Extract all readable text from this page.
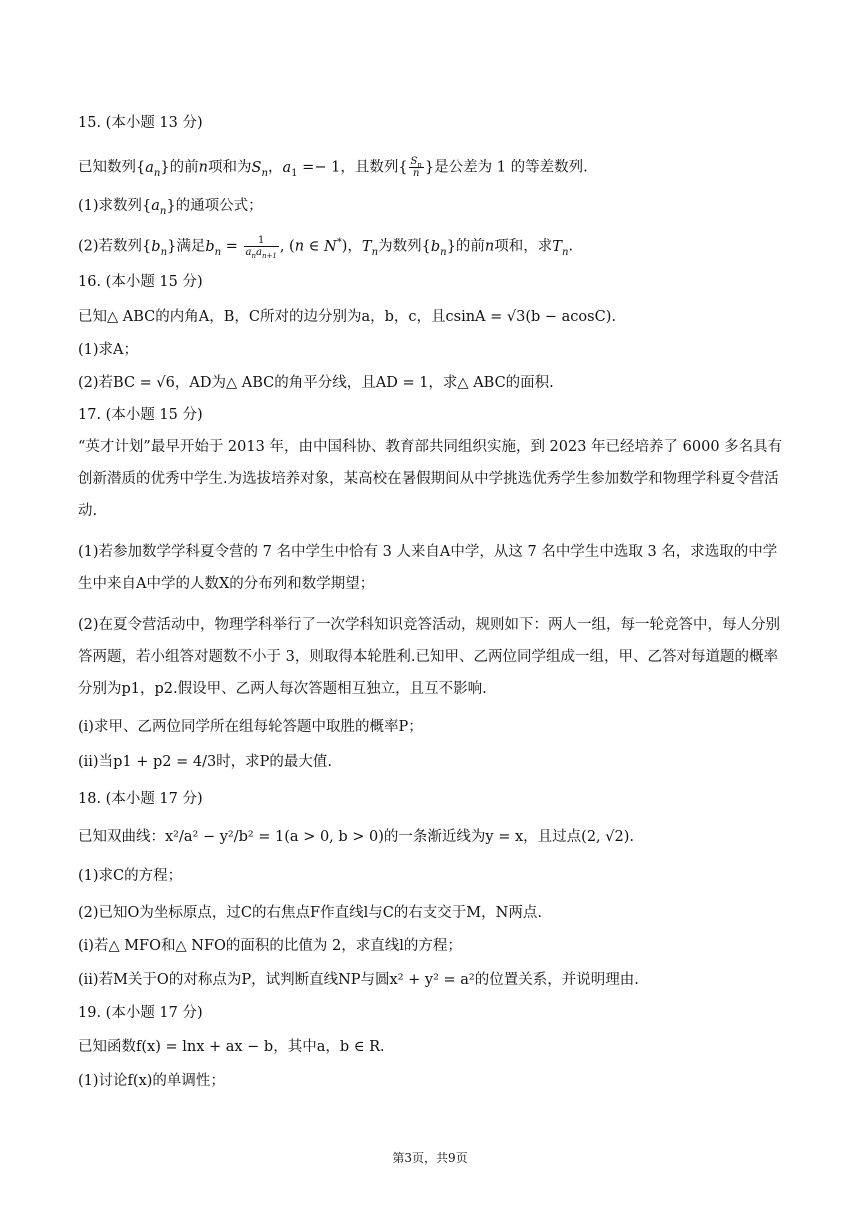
15. (本小题 13 分)
已知数列$\{a_n\}$的前n项和为$S_n$，$a_1 =- 1$，且数列{ $\frac{S_n}{n}$ }是公差为 1 的等差数列.
(1)求数列$\{a_n\}$的通项公式；
(2)若数列$\{b_n\}$满足$b_n = \frac{1}{a_na_{n+1}}$ , (n ∈ N*)，$T_n$为数列$\{b_n\}$的前n项和，求$T_n$.
16. (本小题 15 分)
已知△ ABC的内角A，B，C所对的边分别为a，b，c，且csinA = √3(b − acosC).
(1)求A；
(2)若BC = √6，AD为△ ABC的角平分线，且AD = 1，求△ ABC的面积.
17. (本小题 15 分)
“英才计划”最早开始于 2013 年，由中国科协、教育部共同组织实施，到 2023 年已经培养了 6000 多名具有创新潜质的优秀中学生.为选拔培养对象，某高校在暑假期间从中学挑选优秀学生参加数学和物理学科夏令营活动.
(1)若参加数学学科夏令营的 7 名中学生中恰有 3 人来自A中学，从这 7 名中学生中选取 3 名，求选取的中学生中来自A中学的人数X的分布列和数学期望；
(2)在夏令营活动中，物理学科举行了一次学科知识竞答活动，规则如下：两人一组，每一轮竞答中，每人分别答两题，若小组答对题数不小于 3，则取得本轮胜利.已知甲、乙两位同学组成一组，甲、乙答对每道题的概率分别为p1，p2.假设甲、乙两人每次答题相互独立，且互不影响.
(i)求甲、乙两位同学所在组每轮答题中取胜的概率P；
(ii)当p1 + p2 = 4/3时，求P的最大值.
18. (本小题 17 分)
已知双曲线：x²/a² − y²/b² = 1(a > 0, b > 0)的一条渐近线为y = x，且过点(2, √2).
(1)求C的方程；
(2)已知O为坐标原点，过C的右焦点F作直线l与C的右支交于M，N两点.
(i)若△ MFO和△ NFO的面积的比值为 2，求直线l的方程；
(ii)若M关于O的对称点为P，试判断直线NP与圆x² + y² = a²的位置关系，并说明理由.
19. (本小题 17 分)
已知函数f(x) = lnx + ax − b，其中a，b ∈ R.
(1)讨论f(x)的单调性；
第3页，共9页
